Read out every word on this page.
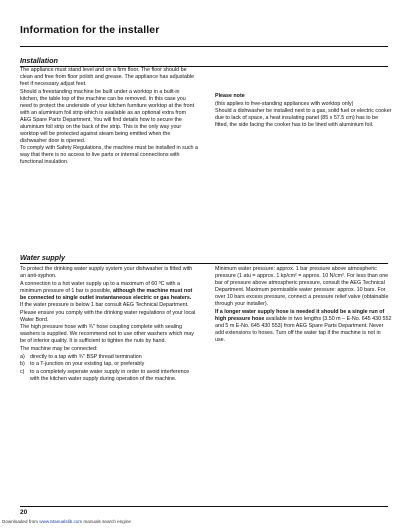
Information for the installer
Installation

The appliance must stand level and on a firm floor. The floor should be clean and free from floor polish and grease. The appliance has adjustable feet if necessary adjust feet.

Should a freestanding machine be built under a worktop in a built-in kitchen, the table top of the machine can be removed. In this case you need to protect the underside of your kitchen furniture worktop at the front with an aluminium foil strip which is available as an optional extra from AEG Spare Parts Department. You will find details how to secure the aluminium foil strip on the back of the strip. This is the only way your worktop will be protected against steam being emitted when the dishwasher door is opened.

To comply with Safety Regulations, the machine must be installed in such a way that there is no access to live parts or internal connections with functional insulation.

Please note

(this applies to free-standing appliances with worktop only)

Should a dishwasher be installed next to a gas, solid fuel or electric cooker due to lack of space, a heat insulating panel (85 x 57.5 cm) has to be fitted, the side facing the cooker has to be lined with aluminium foil.

Water supply

To protect the drinking water supply system your dishwasher is fitted with an anti-syphon.

A connection to a hot water supply up to a maximum of 60 ºC with a minimum pressure of 1 bar is possible, although the machine must not be connected to single outlet instantaneous electric or gas heaters.

If the water pressure is below 1 bar consult AEG Technical Department.

Please ensure you comply with the drinking water regulations of your local Water Bord.

The high pressure hose with ¾" hose coupling complete with sealing washers is supplied. We recommend not to use other washers which may be of inferior quality. It is sufficient to tighten the nuts by hand.

The machine may be connected:

a) directly to a tap with ¾" BSP thread termination
b) to a T-junction on your existing tap, or preferably
c) to a completely seperate water supply in order to avoid interference with the kitchen water supply during operation of the machine.

Minimum water pressure: approx. 1 bar pressure above atmospheric pressure (1 atu = approx. 1 kp/cm² = approx. 10 N/cm². For less than one bar of pressure above atmospheric pressure, consult the AEG Technical Department. Maximum permissible water pressure: approx. 10 bars. For over 10 bars excess pressure, connect a pressure relief valve (obtainable through your installer).

If a longer water supply hose is needed it should be a single run of high pressure hose available in two lengths (3.50 m – E-No. 645 430 552 and 5 m E-No. 645 430 553) from AEG Spare Parts Department. Never add extensions to hoses. Turn off the water tap if the machine is not in use.

20

Downloaded from www.Manualslib.com manuals search engine
